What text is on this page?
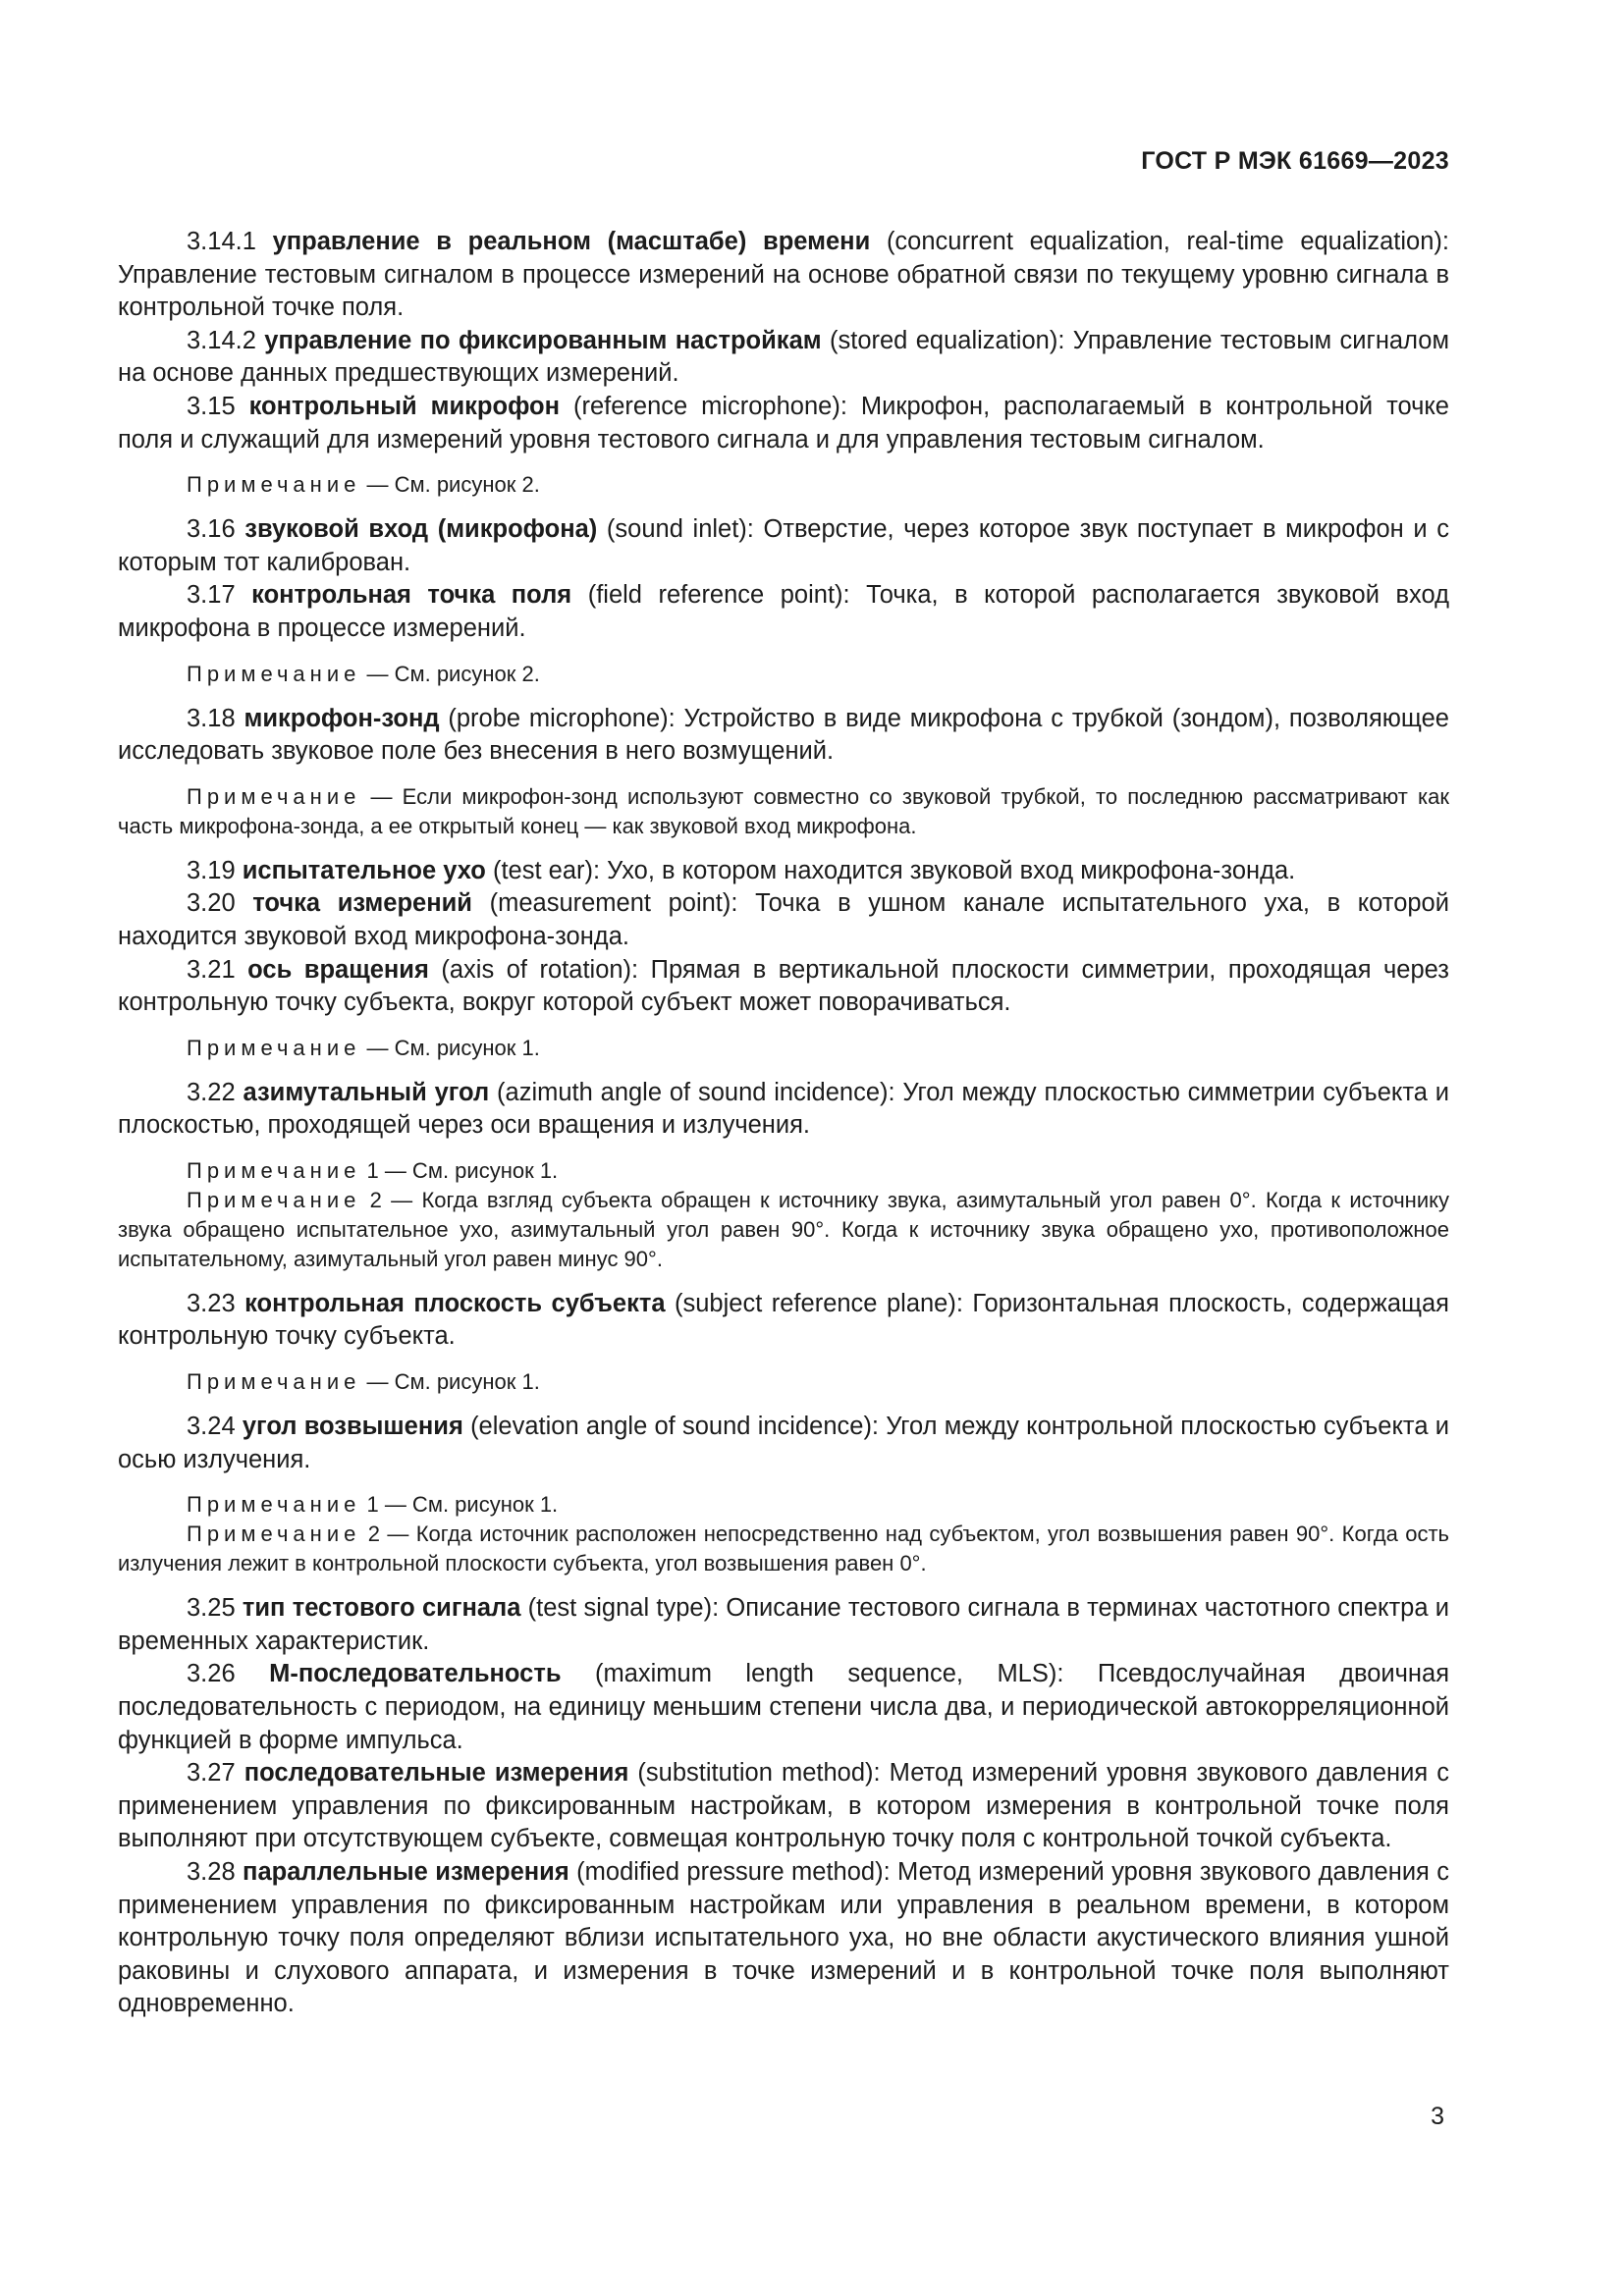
ГОСТ Р МЭК 61669—2023

3.14.1 управление в реальном (масштабе) времени (concurrent equalization, real-time equalization): Управление тестовым сигналом в процессе измерений на основе обратной связи по текущему уровню сигнала в контрольной точке поля.

3.14.2 управление по фиксированным настройкам (stored equalization): Управление тестовым сигналом на основе данных предшествующих измерений.

3.15 контрольный микрофон (reference microphone): Микрофон, располагаемый в контрольной точке поля и служащий для измерений уровня тестового сигнала и для управления тестовым сигналом.

Примечание — См. рисунок 2.

3.16 звуковой вход (микрофона) (sound inlet): Отверстие, через которое звук поступает в микрофон и с которым тот калиброван.

3.17 контрольная точка поля (field reference point): Точка, в которой располагается звуковой вход микрофона в процессе измерений.

Примечание — См. рисунок 2.

3.18 микрофон-зонд (probe microphone): Устройство в виде микрофона с трубкой (зондом), позволяющее исследовать звуковое поле без внесения в него возмущений.

Примечание — Если микрофон-зонд используют совместно со звуковой трубкой, то последнюю рассматривают как часть микрофона-зонда, а ее открытый конец — как звуковой вход микрофона.

3.19 испытательное ухо (test ear): Ухо, в котором находится звуковой вход микрофона-зонда.

3.20 точка измерений (measurement point): Точка в ушном канале испытательного уха, в которой находится звуковой вход микрофона-зонда.

3.21 ось вращения (axis of rotation): Прямая в вертикальной плоскости симметрии, проходящая через контрольную точку субъекта, вокруг которой субъект может поворачиваться.

Примечание — См. рисунок 1.

3.22 азимутальный угол (azimuth angle of sound incidence): Угол между плоскостью симметрии субъекта и плоскостью, проходящей через оси вращения и излучения.

Примечание 1 — См. рисунок 1.

Примечание 2 — Когда взгляд субъекта обращен к источнику звука, азимутальный угол равен 0°. Когда к источнику звука обращено испытательное ухо, азимутальный угол равен 90°. Когда к источнику звука обращено ухо, противоположное испытательному, азимутальный угол равен минус 90°.

3.23 контрольная плоскость субъекта (subject reference plane): Горизонтальная плоскость, содержащая контрольную точку субъекта.

Примечание — См. рисунок 1.

3.24 угол возвышения (elevation angle of sound incidence): Угол между контрольной плоскостью субъекта и осью излучения.

Примечание 1 — См. рисунок 1.

Примечание 2 — Когда источник расположен непосредственно над субъектом, угол возвышения равен 90°. Когда ость излучения лежит в контрольной плоскости субъекта, угол возвышения равен 0°.

3.25 тип тестового сигнала (test signal type): Описание тестового сигнала в терминах частотного спектра и временных характеристик.

3.26 М-последовательность (maximum length sequence, MLS): Псевдослучайная двоичная последовательность с периодом, на единицу меньшим степени числа два, и периодической автокорреляционной функцией в форме импульса.

3.27 последовательные измерения (substitution method): Метод измерений уровня звукового давления с применением управления по фиксированным настройкам, в котором измерения в контрольной точке поля выполняют при отсутствующем субъекте, совмещая контрольную точку поля с контрольной точкой субъекта.

3.28 параллельные измерения (modified pressure method): Метод измерений уровня звукового давления с применением управления по фиксированным настройкам или управления в реальном времени, в котором контрольную точку поля определяют вблизи испытательного уха, но вне области акустического влияния ушной раковины и слухового аппарата, и измерения в точке измерений и в контрольной точке поля выполняют одновременно.

3
